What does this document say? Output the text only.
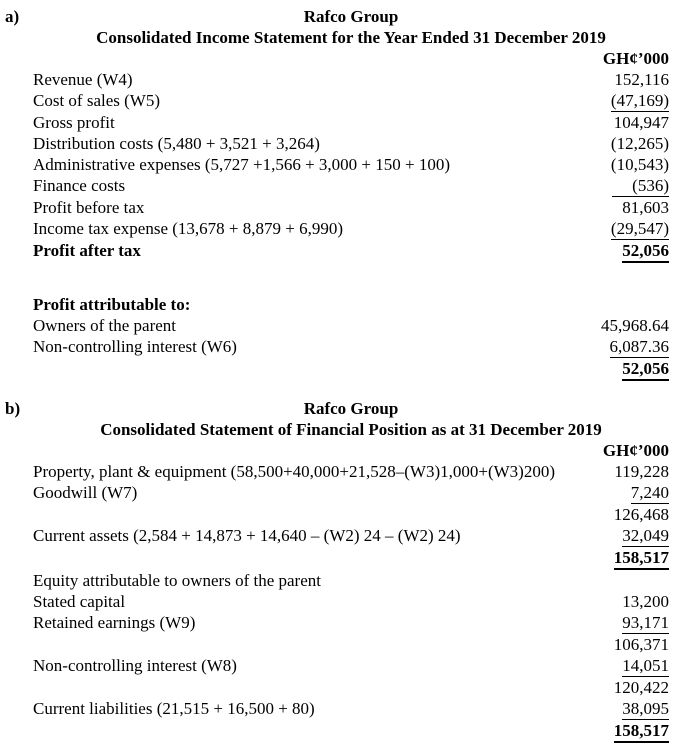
a)	Rafco Group
Consolidated Income Statement for the Year Ended 31 December 2019
GH¢’000
Revenue (W4)	152,116
Cost of sales (W5)	(47,169)
Gross profit	104,947
Distribution costs (5,480 + 3,521 + 3,264)	(12,265)
Administrative expenses (5,727 +1,566 + 3,000 + 150 + 100)	(10,543)
Finance costs	(536)
Profit before tax	81,603
Income tax expense (13,678 + 8,879 + 6,990)	(29,547)
Profit after tax	52,056
Profit attributable to:
Owners of the parent	45,968.64
Non-controlling interest (W6)	6,087.36
52,056
b)	Rafco Group
Consolidated Statement of Financial Position as at 31 December 2019
GH¢’000
Property, plant & equipment (58,500+40,000+21,528–(W3)1,000+(W3)200)	119,228
Goodwill (W7)	7,240
126,468
Current assets (2,584 + 14,873 + 14,640 – (W2) 24 – (W2) 24)	32,049
158,517
Equity attributable to owners of the parent
Stated capital	13,200
Retained earnings (W9)	93,171
106,371
Non-controlling interest (W8)	14,051
120,422
Current liabilities (21,515 + 16,500 + 80)	38,095
158,517
